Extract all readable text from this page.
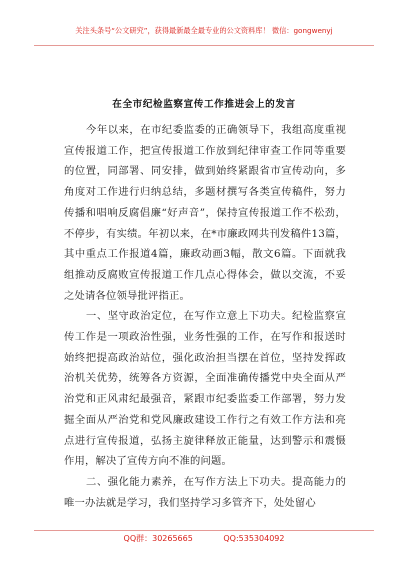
关注头条号“公文研究”，获得最新最全最专业的公文资料库！ 微信：gongwenyj
在全市纪检监察宣传工作推进会上的发言

今年以来，在市纪委监委的正确领导下，我组高度重视宣传报道工作，把宣传报道工作放到纪律审查工作同等重要的位置，同部署、同安排，做到始终紧跟省市宣传动向，多角度对工作进行归纳总结，多题材撰写各类宣传稿件，努力传播和唱响反腐倡廉“好声音”，保持宣传报道工作不松劲，不停步，有实绩。年初以来，在*市廉政网共刊发稿件13篇，其中重点工作报道4篇，廉政动画3幅，散文6篇。下面就我组推动反腐败宣传报道工作几点心得体会，做以交流，不妥之处请各位领导批评指正。

一、坚守政治定位，在写作立意上下功夫。纪检监察宣传工作是一项政治性强，业务性强的工作，在写作和报送时始终把提高政治站位，强化政治担当摆在首位，坚持发挥政治机关优势，统筹各方资源，全面准确传播党中央全面从严治党和正风肃纪最强音，紧跟市纪委监委工作部署，努力发掘全面从严治党和党风廉政建设工作行之有效工作方法和亮点进行宣传报道，弘扬主旋律释放正能量，达到警示和震慑作用，解决了宣传方向不准的问题。

二、强化能力素养，在写作方法上下功夫。提高能力的唯一办法就是学习，我们坚持学习多管齐下，处处留心

QQ群：30265665	QQ:535304092
